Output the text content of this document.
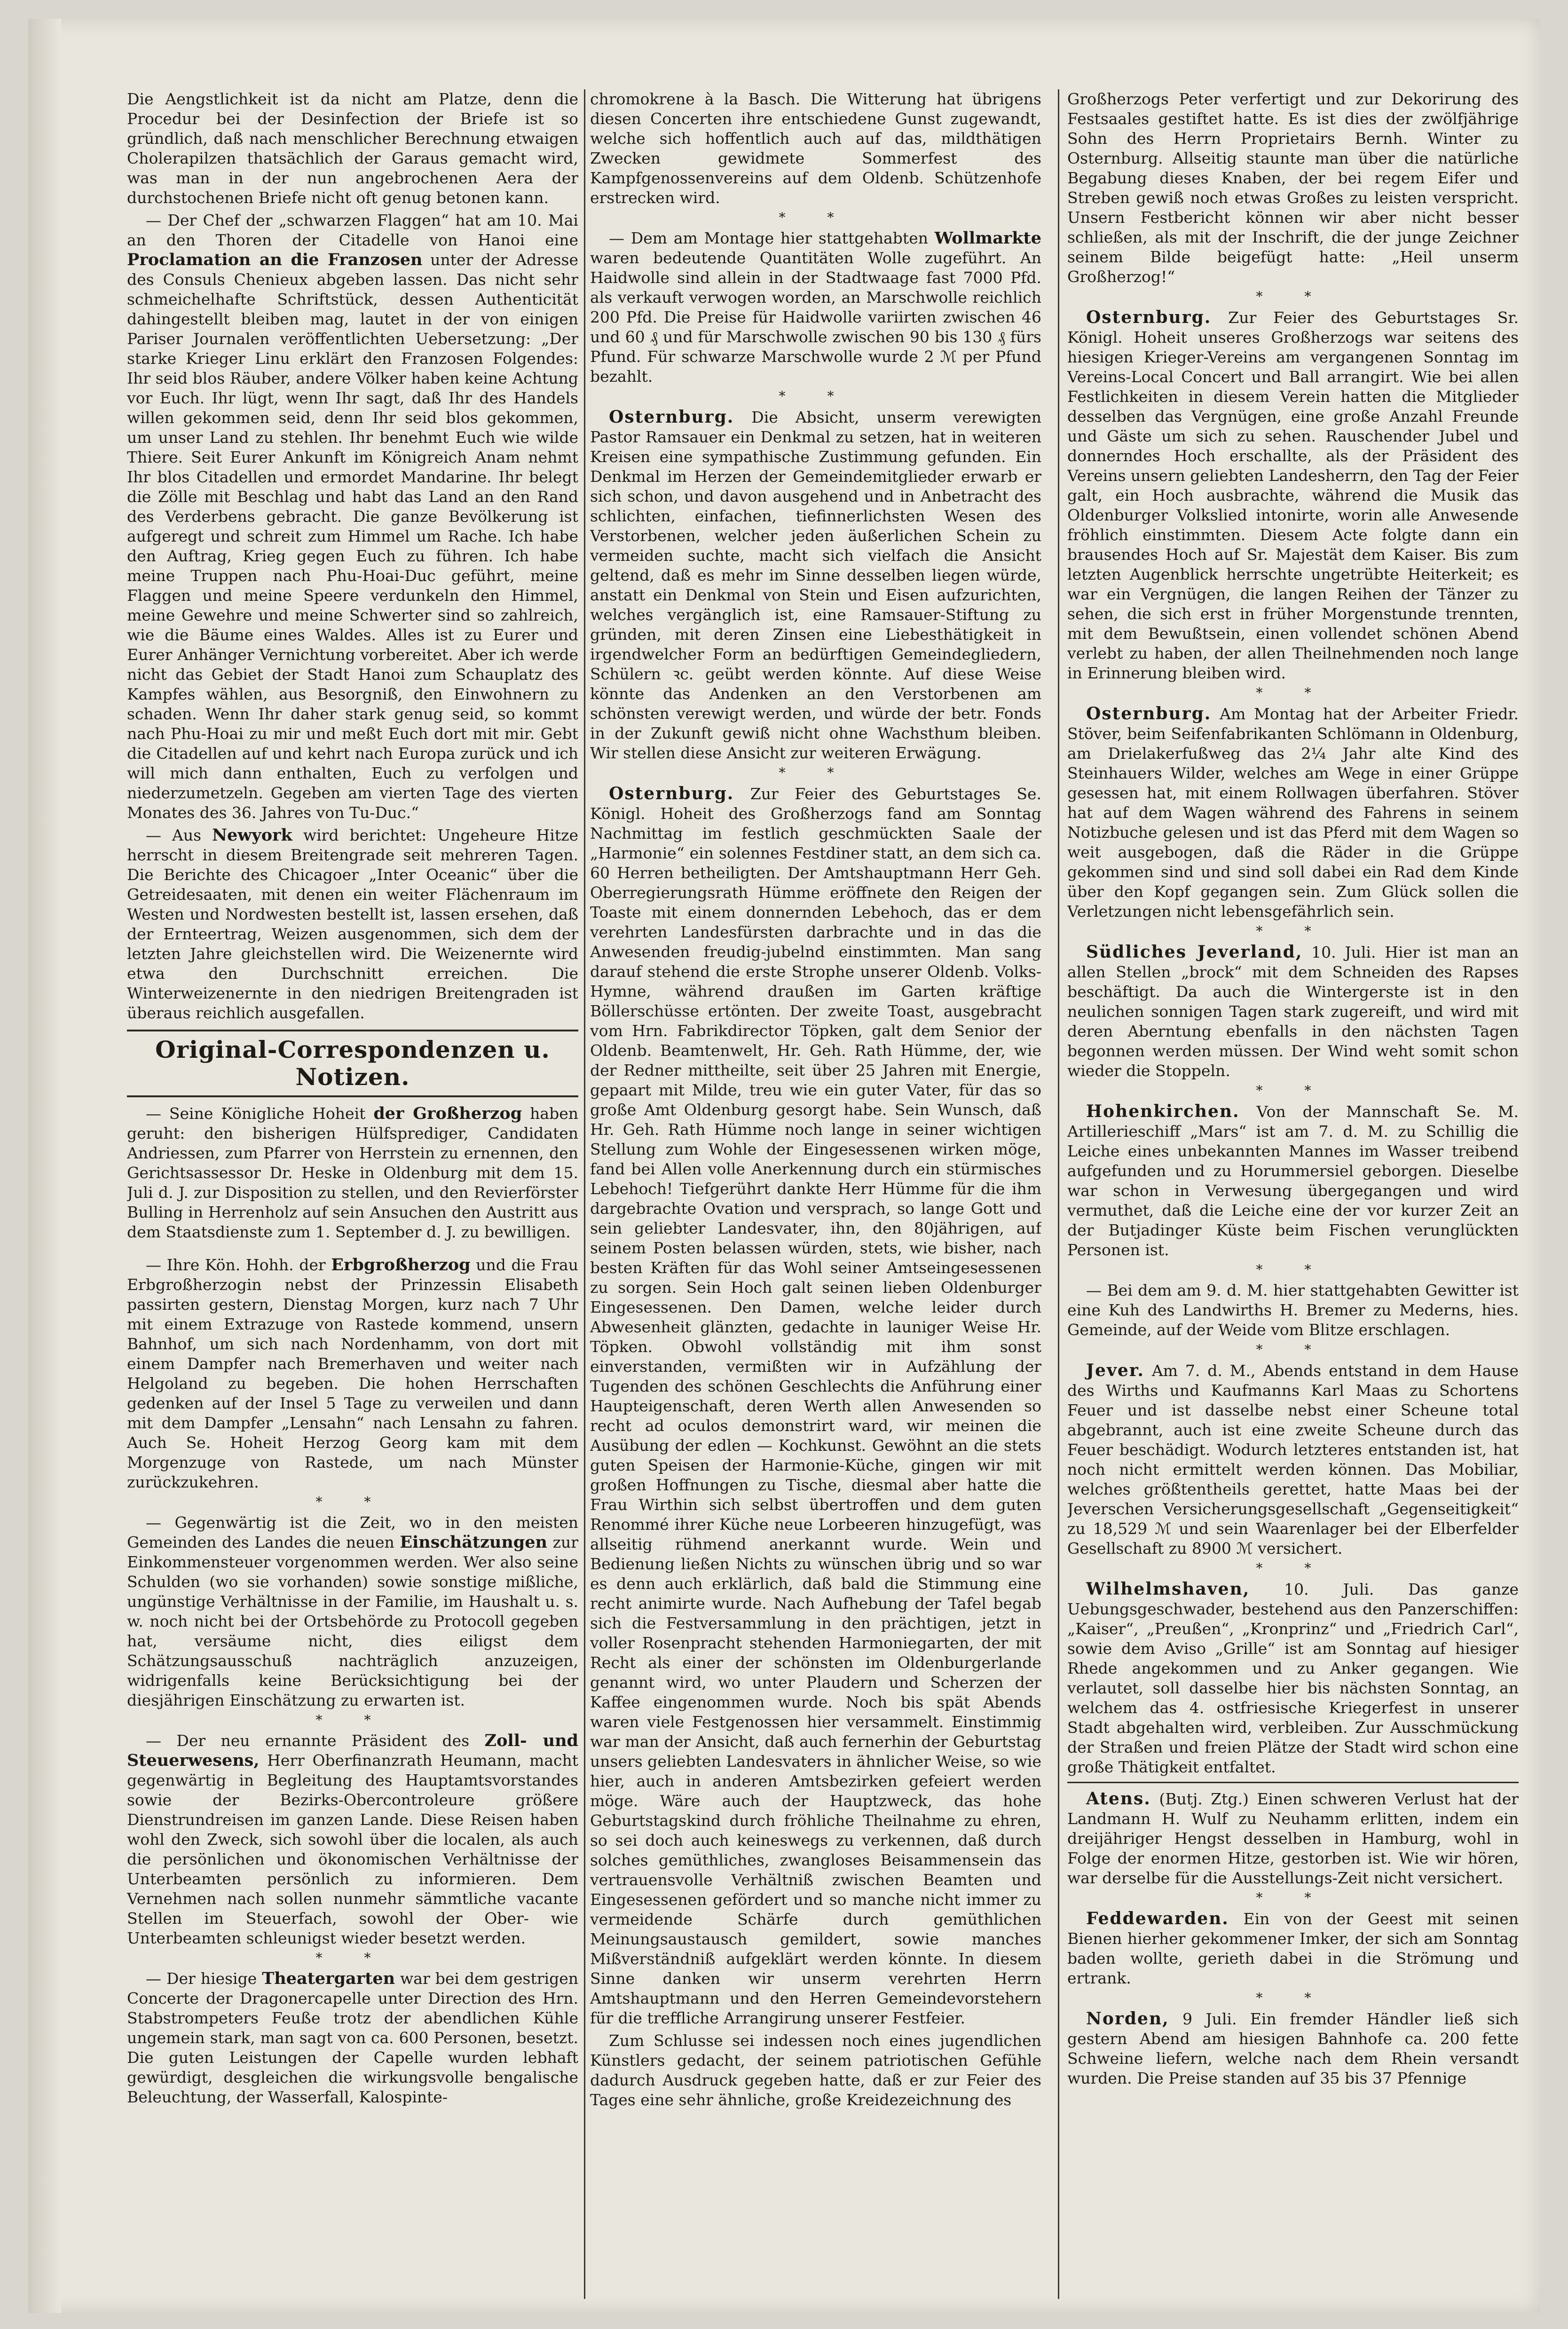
Die Aengstlichkeit ist da nicht am Platze, denn die Procedur bei der Desinfection der Briefe ist so gründlich, daß nach menschlicher Berechnung etwaigen Cholerapilzen thatsächlich der Garaus gemacht wird, was man in der nun angebrochenen Aera der durchstochenen Briefe nicht oft genug betonen kann.

— Der Chef der „schwarzen Flaggen“ hat am 10. Mai an den Thoren der Citadelle von Hanoi eine Proclamation an die Franzosen unter der Adresse des Consuls Chenieux abgeben lassen. Das nicht sehr schmeichelhafte Schriftstück, dessen Authenticität dahingestellt bleiben mag, lautet in der von einigen Pariser Journalen veröffentlichten Uebersetzung: „Der starke Krieger Linu erklärt den Franzosen Folgendes: Ihr seid blos Räuber, andere Völker haben keine Achtung vor Euch. Ihr lügt, wenn Ihr sagt, daß Ihr des Handels willen gekommen seid, denn Ihr seid blos gekommen, um unser Land zu stehlen. Ihr benehmt Euch wie wilde Thiere. Seit Eurer Ankunft im Königreich Anam nehmt Ihr blos Citadellen und ermordet Mandarine. Ihr belegt die Zölle mit Beschlag und habt das Land an den Rand des Verderbens gebracht. Die ganze Bevölkerung ist aufgeregt und schreit zum Himmel um Rache. Ich habe den Auftrag, Krieg gegen Euch zu führen. Ich habe meine Truppen nach Phu-Hoai-Duc geführt, meine Flaggen und meine Speere verdunkeln den Himmel, meine Gewehre und meine Schwerter sind so zahlreich, wie die Bäume eines Waldes. Alles ist zu Eurer und Eurer Anhänger Vernichtung vorbereitet. Aber ich werde nicht das Gebiet der Stadt Hanoi zum Schauplatz des Kampfes wählen, aus Besorgniß, den Einwohnern zu schaden. Wenn Ihr daher stark genug seid, so kommt nach Phu-Hoai zu mir und meßt Euch dort mit mir. Gebt die Citadellen auf und kehrt nach Europa zurück und ich will mich dann enthalten, Euch zu verfolgen und niederzumetzeln. Gegeben am vierten Tage des vierten Monates des 36. Jahres von Tu-Duc.“

— Aus Newyork wird berichtet: Ungeheure Hitze herrscht in diesem Breitengrade seit mehreren Tagen. Die Berichte des Chicagoer „Inter Oceanic“ über die Getreidesaaten, mit denen ein weiter Flächenraum im Westen und Nordwesten bestellt ist, lassen ersehen, daß der Ernteertrag, Weizen ausgenommen, sich dem der letzten Jahre gleichstellen wird. Die Weizenernte wird etwa den Durchschnitt erreichen. Die Winterweizenernte in den niedrigen Breitengraden ist überaus reichlich ausgefallen.

Original-Correspondenzen u. Notizen.

— Seine Königliche Hoheit der Großherzog haben geruht: den bisherigen Hülfsprediger, Candidaten Andriessen, zum Pfarrer von Herrstein zu ernennen, den Gerichtsassessor Dr. Heske in Oldenburg mit dem 15. Juli d. J. zur Disposition zu stellen, und den Revierförster Bulling in Herrenholz auf sein Ansuchen den Austritt aus dem Staatsdienste zum 1. September d. J. zu bewilligen.

— Ihre Kön. Hohh. der Erbgroßherzog und die Frau Erbgroßherzogin nebst der Prinzessin Elisabeth passirten gestern, Dienstag Morgen, kurz nach 7 Uhr mit einem Extrazuge von Rastede kommend, unsern Bahnhof, um sich nach Nordenhamm, von dort mit einem Dampfer nach Bremerhaven und weiter nach Helgoland zu begeben. Die hohen Herrschaften gedenken auf der Insel 5 Tage zu verweilen und dann mit dem Dampfer „Lensahn“ nach Lensahn zu fahren. Auch Se. Hoheit Herzog Georg kam mit dem Morgenzuge von Rastede, um nach Münster zurückzukehren.

* *

— Gegenwärtig ist die Zeit, wo in den meisten Gemeinden des Landes die neuen Einschätzungen zur Einkommensteuer vorgenommen werden. Wer also seine Schulden (wo sie vorhanden) sowie sonstige mißliche, ungünstige Verhältnisse in der Familie, im Haushalt u. s. w. noch nicht bei der Ortsbehörde zu Protocoll gegeben hat, versäume nicht, dies eiligst dem Schätzungsausschuß nachträglich anzuzeigen, widrigenfalls keine Berücksichtigung bei der diesjährigen Einschätzung zu erwarten ist.

* *

— Der neu ernannte Präsident des Zoll- und Steuerwesens, Herr Oberfinanzrath Heumann, macht gegenwärtig in Begleitung des Hauptamtsvorstandes sowie der Bezirks-Obercontroleure größere Dienstrundreisen im ganzen Lande. Diese Reisen haben wohl den Zweck, sich sowohl über die localen, als auch die persönlichen und ökonomischen Verhältnisse der Unterbeamten persönlich zu informieren. Dem Vernehmen nach sollen nunmehr sämmtliche vacante Stellen im Steuerfach, sowohl der Ober- wie Unterbeamten schleunigst wieder besetzt werden.

* *

— Der hiesige Theatergarten war bei dem gestrigen Concerte der Dragonercapelle unter Direction des Hrn. Stabstrompeters Feuße trotz der abendlichen Kühle ungemein stark, man sagt von ca. 600 Personen, besetzt. Die guten Leistungen der Capelle wurden lebhaft gewürdigt, desgleichen die wirkungsvolle bengalische Beleuchtung, der Wasserfall, Kalospinte-

chromokrene à la Basch. Die Witterung hat übrigens diesen Concerten ihre entschiedene Gunst zugewandt, welche sich hoffentlich auch auf das, mildthätigen Zwecken gewidmete Sommerfest des Kampfgenossenvereins auf dem Oldenb. Schützenhofe erstrecken wird.

* *

— Dem am Montage hier stattgehabten Wollmarkte waren bedeutende Quantitäten Wolle zugeführt. An Haidwolle sind allein in der Stadtwaage fast 7000 Pfd. als verkauft verwogen worden, an Marschwolle reichlich 200 Pfd. Die Preise für Haidwolle variirten zwischen 46 und 60 ₰ und für Marschwolle zwischen 90 bis 130 ₰ fürs Pfund. Für schwarze Marschwolle wurde 2 ℳ per Pfund bezahlt.

* *

Osternburg. Die Absicht, unserm verewigten Pastor Ramsauer ein Denkmal zu setzen, hat in weiteren Kreisen eine sympathische Zustimmung gefunden. Ein Denkmal im Herzen der Gemeindemitglieder erwarb er sich schon, und davon ausgehend und in Anbetracht des schlichten, einfachen, tiefinnerlichsten Wesen des Verstorbenen, welcher jeden äußerlichen Schein zu vermeiden suchte, macht sich vielfach die Ansicht geltend, daß es mehr im Sinne desselben liegen würde, anstatt ein Denkmal von Stein und Eisen aufzurichten, welches vergänglich ist, eine Ramsauer-Stiftung zu gründen, mit deren Zinsen eine Liebesthätigkeit in irgendwelcher Form an bedürftigen Gemeindegliedern, Schülern ꝛc. geübt werden könnte. Auf diese Weise könnte das Andenken an den Verstorbenen am schönsten verewigt werden, und würde der betr. Fonds in der Zukunft gewiß nicht ohne Wachsthum bleiben. Wir stellen diese Ansicht zur weiteren Erwägung.

* *

Osternburg. Zur Feier des Geburtstages Se. Königl. Hoheit des Großherzogs fand am Sonntag Nachmittag im festlich geschmückten Saale der „Harmonie“ ein solennes Festdiner statt, an dem sich ca. 60 Herren betheiligten. Der Amtshauptmann Herr Geh. Oberregierungsrath Hümme eröffnete den Reigen der Toaste mit einem donnernden Lebehoch, das er dem verehrten Landesfürsten darbrachte und in das die Anwesenden freudig-jubelnd einstimmten. Man sang darauf stehend die erste Strophe unserer Oldenb. Volks-Hymne, während draußen im Garten kräftige Böllerschüsse ertönten. Der zweite Toast, ausgebracht vom Hrn. Fabrikdirector Töpken, galt dem Senior der Oldenb. Beamtenwelt, Hr. Geh. Rath Hümme, der, wie der Redner mittheilte, seit über 25 Jahren mit Energie, gepaart mit Milde, treu wie ein guter Vater, für das so große Amt Oldenburg gesorgt habe. Sein Wunsch, daß Hr. Geh. Rath Hümme noch lange in seiner wichtigen Stellung zum Wohle der Eingesessenen wirken möge, fand bei Allen volle Anerkennung durch ein stürmisches Lebehoch! Tiefgerührt dankte Herr Hümme für die ihm dargebrachte Ovation und versprach, so lange Gott und sein geliebter Landesvater, ihn, den 80jährigen, auf seinem Posten belassen würden, stets, wie bisher, nach besten Kräften für das Wohl seiner Amtseingesessenen zu sorgen. Sein Hoch galt seinen lieben Oldenburger Eingesessenen. Den Damen, welche leider durch Abwesenheit glänzten, gedachte in launiger Weise Hr. Töpken. Obwohl vollständig mit ihm sonst einverstanden, vermißten wir in Aufzählung der Tugenden des schönen Geschlechts die Anführung einer Haupteigenschaft, deren Werth allen Anwesenden so recht ad oculos demonstrirt ward, wir meinen die Ausübung der edlen — Kochkunst. Gewöhnt an die stets guten Speisen der Harmonie-Küche, gingen wir mit großen Hoffnungen zu Tische, diesmal aber hatte die Frau Wirthin sich selbst übertroffen und dem guten Renommé ihrer Küche neue Lorbeeren hinzugefügt, was allseitig rühmend anerkannt wurde. Wein und Bedienung ließen Nichts zu wünschen übrig und so war es denn auch erklärlich, daß bald die Stimmung eine recht animirte wurde. Nach Aufhebung der Tafel begab sich die Festversammlung in den prächtigen, jetzt in voller Rosenpracht stehenden Harmoniegarten, der mit Recht als einer der schönsten im Oldenburgerlande genannt wird, wo unter Plaudern und Scherzen der Kaffee eingenommen wurde. Noch bis spät Abends waren viele Festgenossen hier versammelt. Einstimmig war man der Ansicht, daß auch fernerhin der Geburtstag unsers geliebten Landesvaters in ähnlicher Weise, so wie hier, auch in anderen Amtsbezirken gefeiert werden möge. Wäre auch der Hauptzweck, das hohe Geburtstagskind durch fröhliche Theilnahme zu ehren, so sei doch auch keineswegs zu verkennen, daß durch solches gemüthliches, zwangloses Beisammensein das vertrauensvolle Verhältniß zwischen Beamten und Eingesessenen gefördert und so manche nicht immer zu vermeidende Schärfe durch gemüthlichen Meinungsaustausch gemildert, sowie manches Mißverständniß aufgeklärt werden könnte. In diesem Sinne danken wir unserm verehrten Herrn Amtshauptmann und den Herren Gemeindevorstehern für die treffliche Arrangirung unserer Festfeier.

Zum Schlusse sei indessen noch eines jugendlichen Künstlers gedacht, der seinem patriotischen Gefühle dadurch Ausdruck gegeben hatte, daß er zur Feier des Tages eine sehr ähnliche, große Kreidezeichnung des

Großherzogs Peter verfertigt und zur Dekorirung des Festsaales gestiftet hatte. Es ist dies der zwölfjährige Sohn des Herrn Proprietairs Bernh. Winter zu Osternburg. Allseitig staunte man über die natürliche Begabung dieses Knaben, der bei regem Eifer und Streben gewiß noch etwas Großes zu leisten verspricht. Unsern Festbericht können wir aber nicht besser schließen, als mit der Inschrift, die der junge Zeichner seinem Bilde beigefügt hatte: „Heil unserm Großherzog!“

* *

Osternburg. Zur Feier des Geburtstages Sr. Königl. Hoheit unseres Großherzogs war seitens des hiesigen Krieger-Vereins am vergangenen Sonntag im Vereins-Local Concert und Ball arrangirt. Wie bei allen Festlichkeiten in diesem Verein hatten die Mitglieder desselben das Vergnügen, eine große Anzahl Freunde und Gäste um sich zu sehen. Rauschender Jubel und donnerndes Hoch erschallte, als der Präsident des Vereins unsern geliebten Landesherrn, den Tag der Feier galt, ein Hoch ausbrachte, während die Musik das Oldenburger Volkslied intonirte, worin alle Anwesende fröhlich einstimmten. Diesem Acte folgte dann ein brausendes Hoch auf Sr. Majestät dem Kaiser. Bis zum letzten Augenblick herrschte ungetrübte Heiterkeit; es war ein Vergnügen, die langen Reihen der Tänzer zu sehen, die sich erst in früher Morgenstunde trennten, mit dem Bewußtsein, einen vollendet schönen Abend verlebt zu haben, der allen Theilnehmenden noch lange in Erinnerung bleiben wird.

* *

Osternburg. Am Montag hat der Arbeiter Friedr. Stöver, beim Seifenfabrikanten Schlömann in Oldenburg, am Drielakerfußweg das 2¼ Jahr alte Kind des Steinhauers Wilder, welches am Wege in einer Grüppe gesessen hat, mit einem Rollwagen überfahren. Stöver hat auf dem Wagen während des Fahrens in seinem Notizbuche gelesen und ist das Pferd mit dem Wagen so weit ausgebogen, daß die Räder in die Grüppe gekommen sind und sind soll dabei ein Rad dem Kinde über den Kopf gegangen sein. Zum Glück sollen die Verletzungen nicht lebensgefährlich sein.

* *

Südliches Jeverland, 10. Juli. Hier ist man an allen Stellen „brock“ mit dem Schneiden des Rapses beschäftigt. Da auch die Wintergerste ist in den neulichen sonnigen Tagen stark zugereift, und wird mit deren Aberntung ebenfalls in den nächsten Tagen begonnen werden müssen. Der Wind weht somit schon wieder die Stoppeln.

* *

Hohenkirchen. Von der Mannschaft Se. M. Artillerieschiff „Mars“ ist am 7. d. M. zu Schillig die Leiche eines unbekannten Mannes im Wasser treibend aufgefunden und zu Horummersiel geborgen. Dieselbe war schon in Verwesung übergegangen und wird vermuthet, daß die Leiche eine der vor kurzer Zeit an der Butjadinger Küste beim Fischen verunglückten Personen ist.

* *

— Bei dem am 9. d. M. hier stattgehabten Gewitter ist eine Kuh des Landwirths H. Bremer zu Mederns, hies. Gemeinde, auf der Weide vom Blitze erschlagen.

* *

Jever. Am 7. d. M., Abends entstand in dem Hause des Wirths und Kaufmanns Karl Maas zu Schortens Feuer und ist dasselbe nebst einer Scheune total abgebrannt, auch ist eine zweite Scheune durch das Feuer beschädigt. Wodurch letzteres entstanden ist, hat noch nicht ermittelt werden können. Das Mobiliar, welches größtentheils gerettet, hatte Maas bei der Jeverschen Versicherungsgesellschaft „Gegenseitigkeit“ zu 18,529 ℳ und sein Waarenlager bei der Elberfelder Gesellschaft zu 8900 ℳ versichert.

* *

Wilhelmshaven, 10. Juli. Das ganze Uebungsgeschwader, bestehend aus den Panzerschiffen: „Kaiser“, „Preußen“, „Kronprinz“ und „Friedrich Carl“, sowie dem Aviso „Grille“ ist am Sonntag auf hiesiger Rhede angekommen und zu Anker gegangen. Wie verlautet, soll dasselbe hier bis nächsten Sonntag, an welchem das 4. ostfriesische Kriegerfest in unserer Stadt abgehalten wird, verbleiben. Zur Ausschmückung der Straßen und freien Plätze der Stadt wird schon eine große Thätigkeit entfaltet.

Atens. (Butj. Ztg.) Einen schweren Verlust hat der Landmann H. Wulf zu Neuhamm erlitten, indem ein dreijähriger Hengst desselben in Hamburg, wohl in Folge der enormen Hitze, gestorben ist. Wie wir hören, war derselbe für die Ausstellungs-Zeit nicht versichert.

* *

Feddewarden. Ein von der Geest mit seinen Bienen hierher gekommener Imker, der sich am Sonntag baden wollte, gerieth dabei in die Strömung und ertrank.

* *

Norden, 9 Juli. Ein fremder Händler ließ sich gestern Abend am hiesigen Bahnhofe ca. 200 fette Schweine liefern, welche nach dem Rhein versandt wurden. Die Preise standen auf 35 bis 37 Pfennige
